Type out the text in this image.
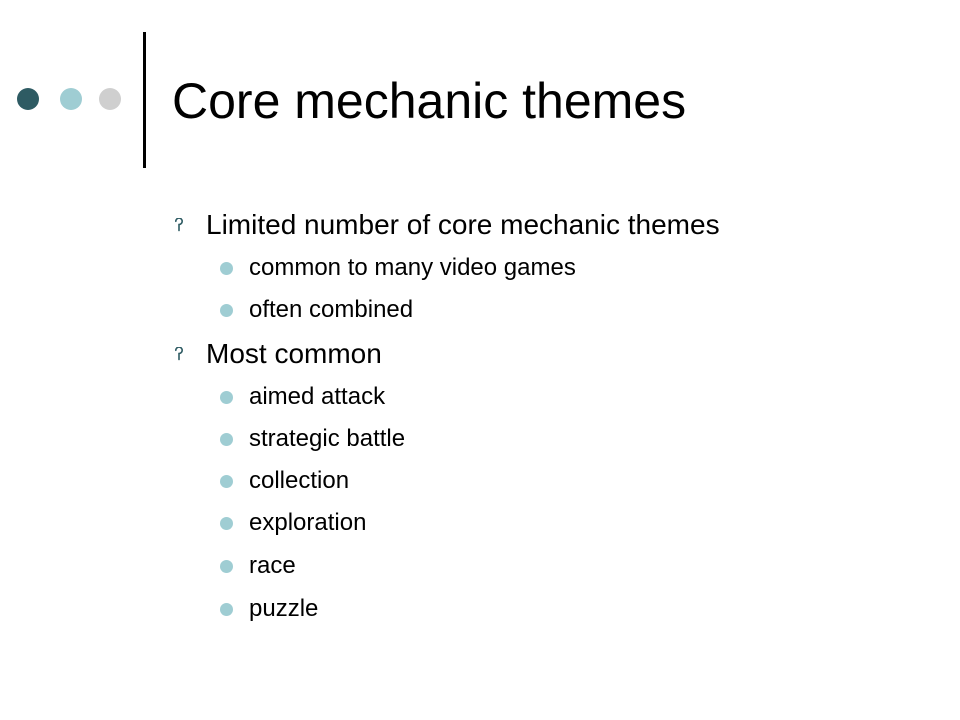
Core mechanic themes
Limited number of core mechanic themes
common to many video games
often combined
Most common
aimed attack
strategic battle
collection
exploration
race
puzzle
